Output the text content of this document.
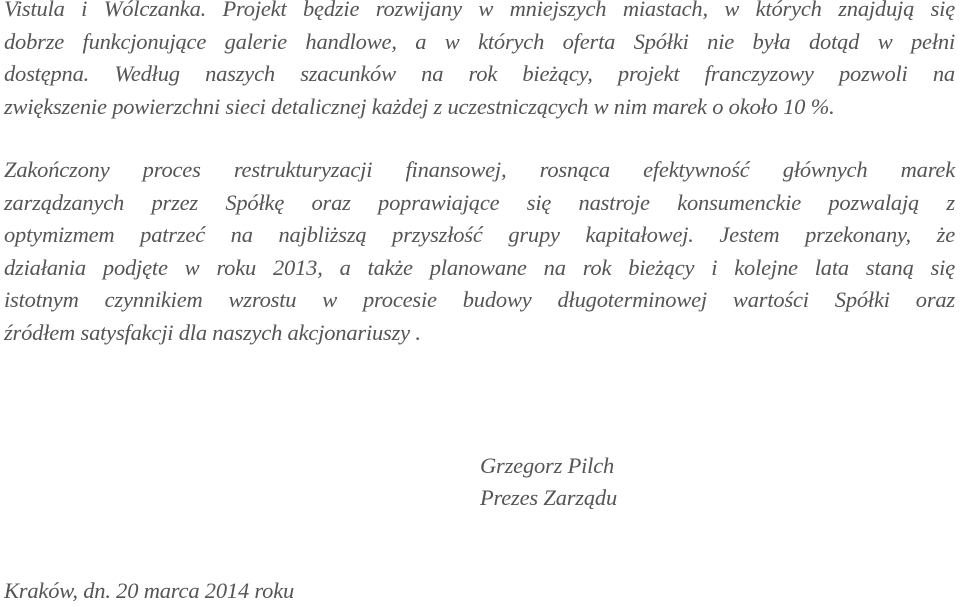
Vistula i Wólczanka. Projekt będzie rozwijany w mniejszych miastach, w których znajdują się
dobrze funkcjonujące galerie handlowe, a w których oferta Spółki nie była dotąd w pełni
dostępna. Według naszych szacunków na rok bieżący, projekt franczyzowy pozwoli na
zwiększenie powierzchni sieci detalicznej każdej z uczestniczących w nim marek o około 10 %.
Zakończony proces restrukturyzacji finansowej, rosnąca efektywność głównych marek
zarządzanych przez Spółkę oraz poprawiające się nastroje konsumenckie pozwalają z
optymizmem patrzeć na najbliższą przyszłość grupy kapitałowej. Jestem przekonany, że
działania podjęte w roku 2013, a także planowane na rok bieżący i kolejne lata staną się
istotnym czynnikiem wzrostu w procesie budowy długoterminowej wartości Spółki oraz
źródłem satysfakcji dla naszych akcjonariuszy .
Grzegorz Pilch
Prezes Zarządu
Kraków, dn. 20 marca 2014 roku
